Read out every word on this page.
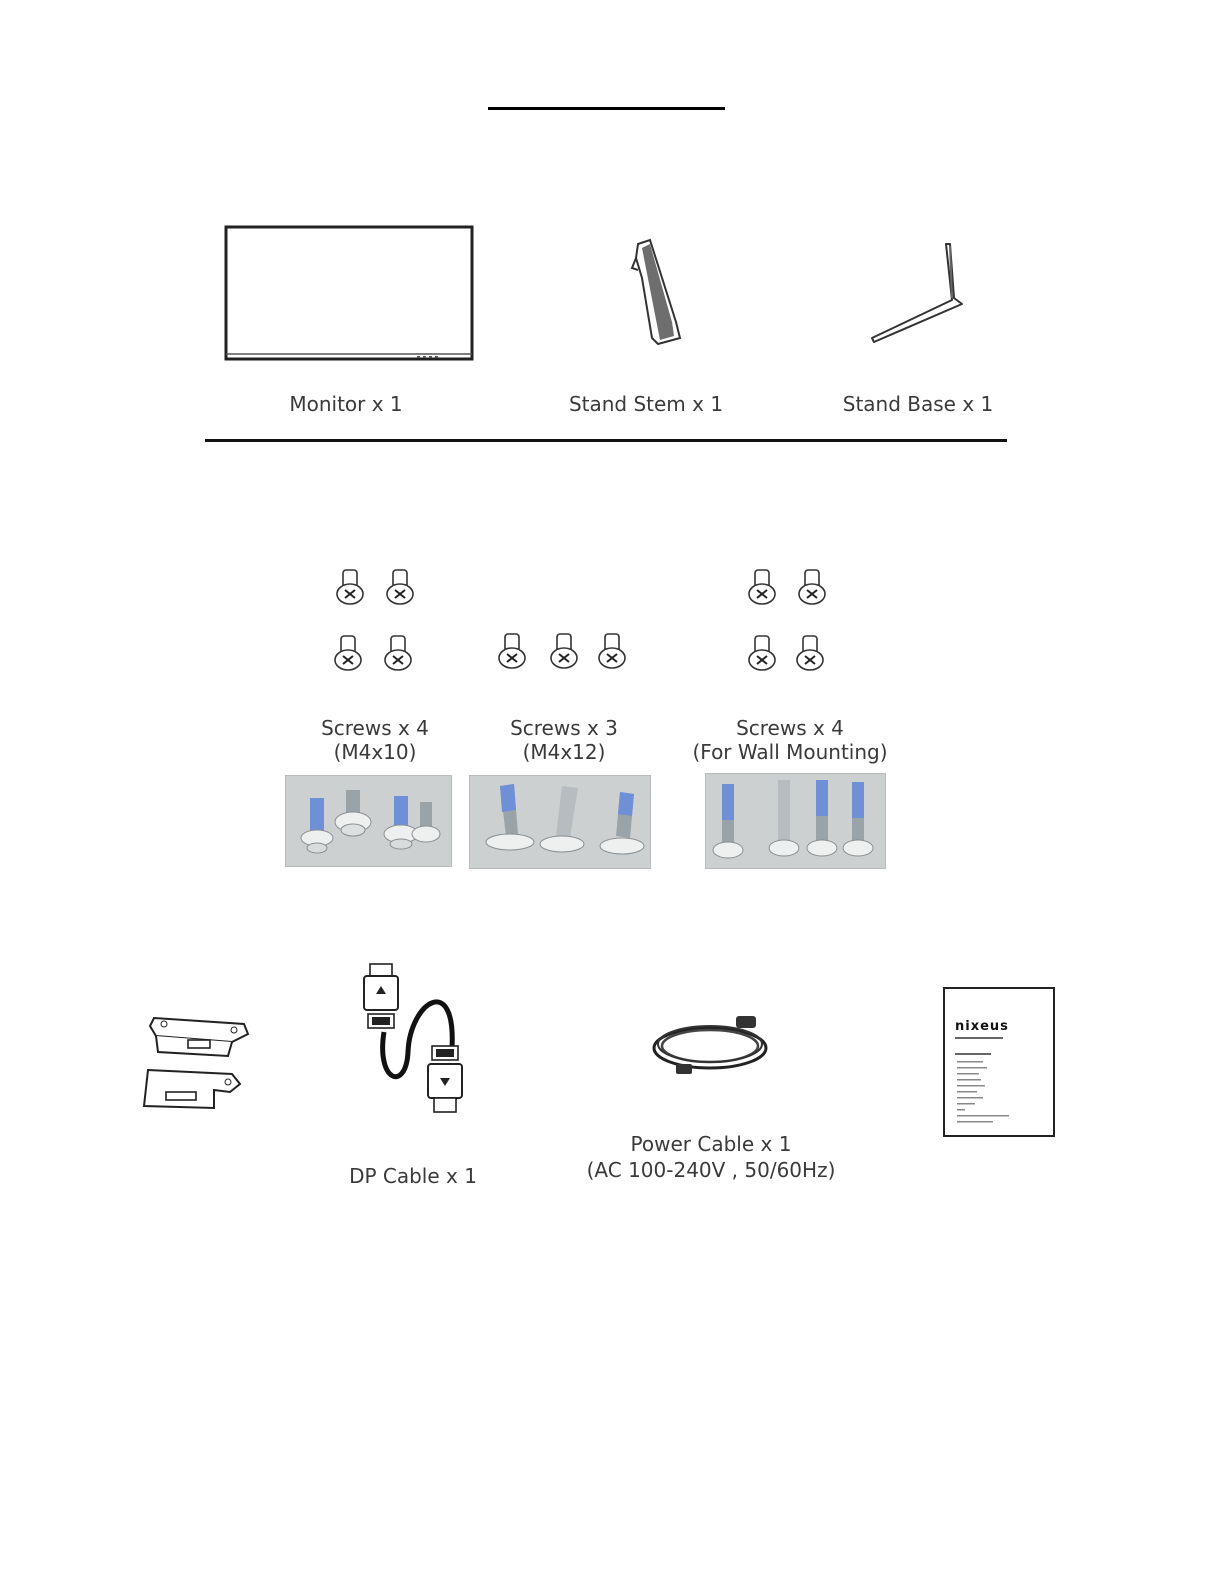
Monitor x 1	Stand Stem x 1	Stand Base x 1
Screws x 4
(M4x10)
Screws x 3
(M4x12)
Screws x 4
(For Wall Mounting)
DP Cable x 1
Power Cable x 1
(AC 100-240V , 50/60Hz)
nixeus
